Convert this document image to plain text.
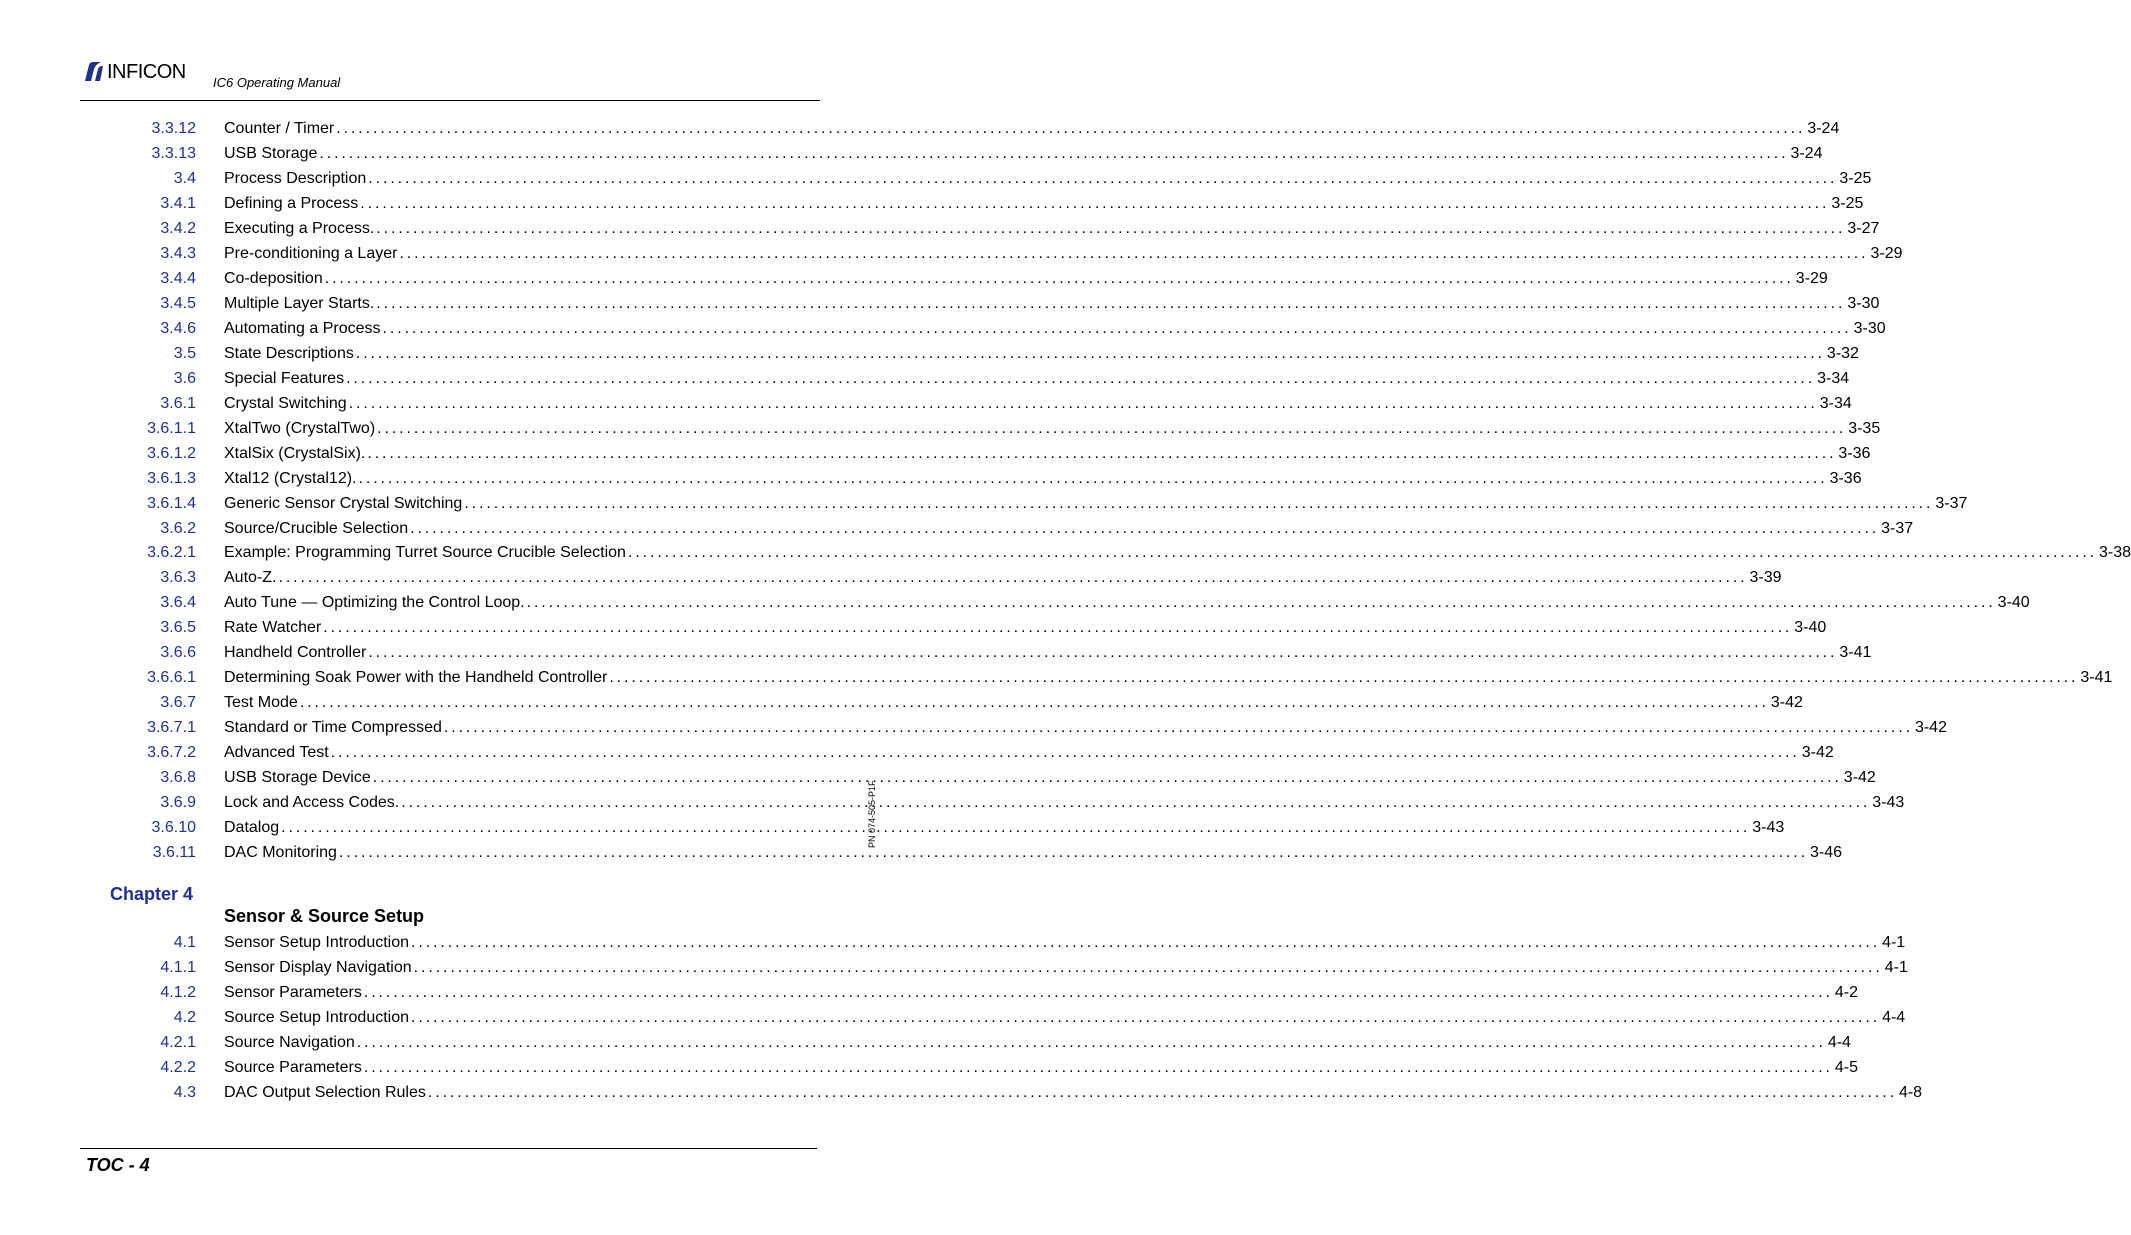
INFICON IC6 Operating Manual
3.3.12 Counter / Timer ........................................................................................................................................................................................................ 3-24
3.3.13 USB Storage ........................................................................................................................................................................................................ 3-24
3.4 Process Description ........................................................................................................................................................................................................ 3-25
3.4.1 Defining a Process ........................................................................................................................................................................................................ 3-25
3.4.2 Executing a Process. ........................................................................................................................................................................................................ 3-27
3.4.3 Pre-conditioning a Layer ........................................................................................................................................................................................................ 3-29
3.4.4 Co-deposition ........................................................................................................................................................................................................ 3-29
3.4.5 Multiple Layer Starts. ........................................................................................................................................................................................................ 3-30
3.4.6 Automating a Process ........................................................................................................................................................................................................ 3-30
3.5 State Descriptions ........................................................................................................................................................................................................ 3-32
3.6 Special Features ........................................................................................................................................................................................................ 3-34
3.6.1 Crystal Switching ........................................................................................................................................................................................................ 3-34
3.6.1.1 XtalTwo (CrystalTwo) ........................................................................................................................................................................................................ 3-35
3.6.1.2 XtalSix (CrystalSix). ........................................................................................................................................................................................................ 3-36
3.6.1.3 Xtal12 (Crystal12). ........................................................................................................................................................................................................ 3-36
3.6.1.4 Generic Sensor Crystal Switching ........................................................................................................................................................................................................ 3-37
3.6.2 Source/Crucible Selection ........................................................................................................................................................................................................ 3-37
3.6.2.1 Example: Programming Turret Source Crucible Selection ........................................................................................................................................................................................................ 3-38
3.6.3 Auto-Z. ........................................................................................................................................................................................................ 3-39
3.6.4 Auto Tune — Optimizing the Control Loop. ........................................................................................................................................................................................................ 3-40
3.6.5 Rate Watcher ........................................................................................................................................................................................................ 3-40
3.6.6 Handheld Controller ........................................................................................................................................................................................................ 3-41
3.6.6.1 Determining Soak Power with the Handheld Controller ........................................................................................................................................................................................................ 3-41
3.6.7 Test Mode ........................................................................................................................................................................................................ 3-42
3.6.7.1 Standard or Time Compressed ........................................................................................................................................................................................................ 3-42
3.6.7.2 Advanced Test ........................................................................................................................................................................................................ 3-42
3.6.8 USB Storage Device ........................................................................................................................................................................................................ 3-42
3.6.9 Lock and Access Codes. ........................................................................................................................................................................................................ 3-43
3.6.10 Datalog ........................................................................................................................................................................................................ 3-43
3.6.11 DAC Monitoring ........................................................................................................................................................................................................ 3-46
Chapter 4
Sensor & Source Setup
4.1 Sensor Setup Introduction ........................................................................................................................................................................................................ 4-1
4.1.1 Sensor Display Navigation ........................................................................................................................................................................................................ 4-1
4.1.2 Sensor Parameters ........................................................................................................................................................................................................ 4-2
4.2 Source Setup Introduction ........................................................................................................................................................................................................ 4-4
4.2.1 Source Navigation ........................................................................................................................................................................................................ 4-4
4.2.2 Source Parameters ........................................................................................................................................................................................................ 4-5
4.3 DAC Output Selection Rules ........................................................................................................................................................................................................ 4-8
PN 074-505-P1F
TOC - 4
